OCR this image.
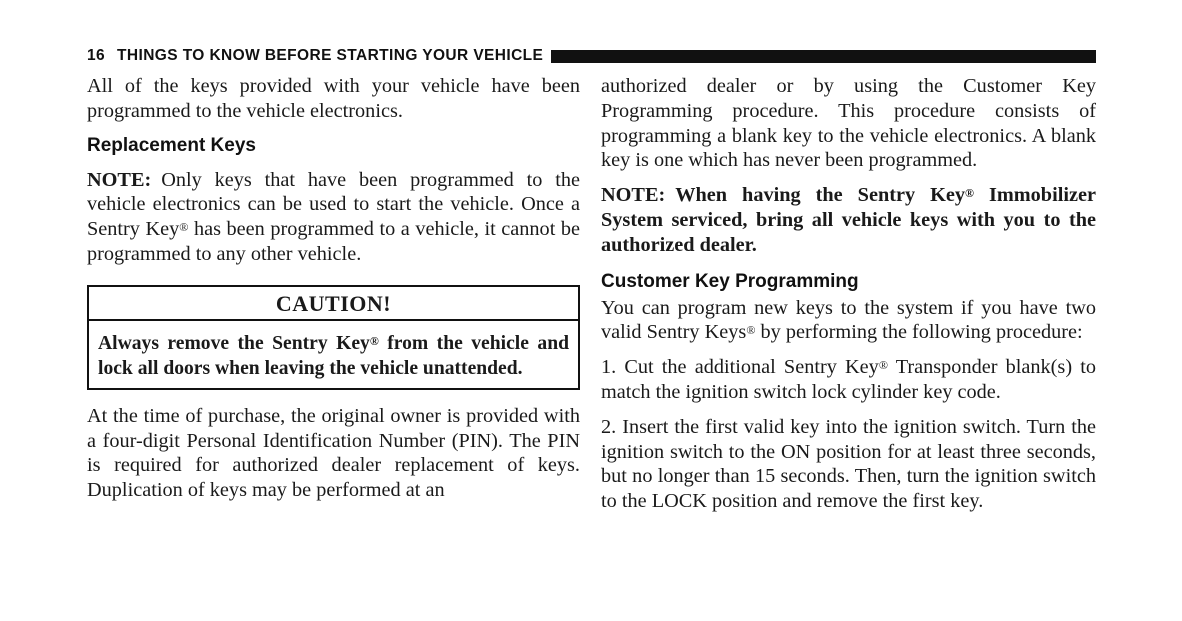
16 THINGS TO KNOW BEFORE STARTING YOUR VEHICLE

All of the keys provided with your vehicle have been programmed to the vehicle electronics.

Replacement Keys

NOTE: Only keys that have been programmed to the vehicle electronics can be used to start the vehicle. Once a Sentry Key® has been programmed to a vehicle, it cannot be programmed to any other vehicle.

CAUTION!
Always remove the Sentry Key® from the vehicle and lock all doors when leaving the vehicle unattended.

At the time of purchase, the original owner is provided with a four-digit Personal Identification Number (PIN). The PIN is required for authorized dealer replacement of keys. Duplication of keys may be performed at an

authorized dealer or by using the Customer Key Programming procedure. This procedure consists of programming a blank key to the vehicle electronics. A blank key is one which has never been programmed.

NOTE: When having the Sentry Key® Immobilizer System serviced, bring all vehicle keys with you to the authorized dealer.

Customer Key Programming

You can program new keys to the system if you have two valid Sentry Keys® by performing the following procedure:

1. Cut the additional Sentry Key® Transponder blank(s) to match the ignition switch lock cylinder key code.

2. Insert the first valid key into the ignition switch. Turn the ignition switch to the ON position for at least three seconds, but no longer than 15 seconds. Then, turn the ignition switch to the LOCK position and remove the first key.
